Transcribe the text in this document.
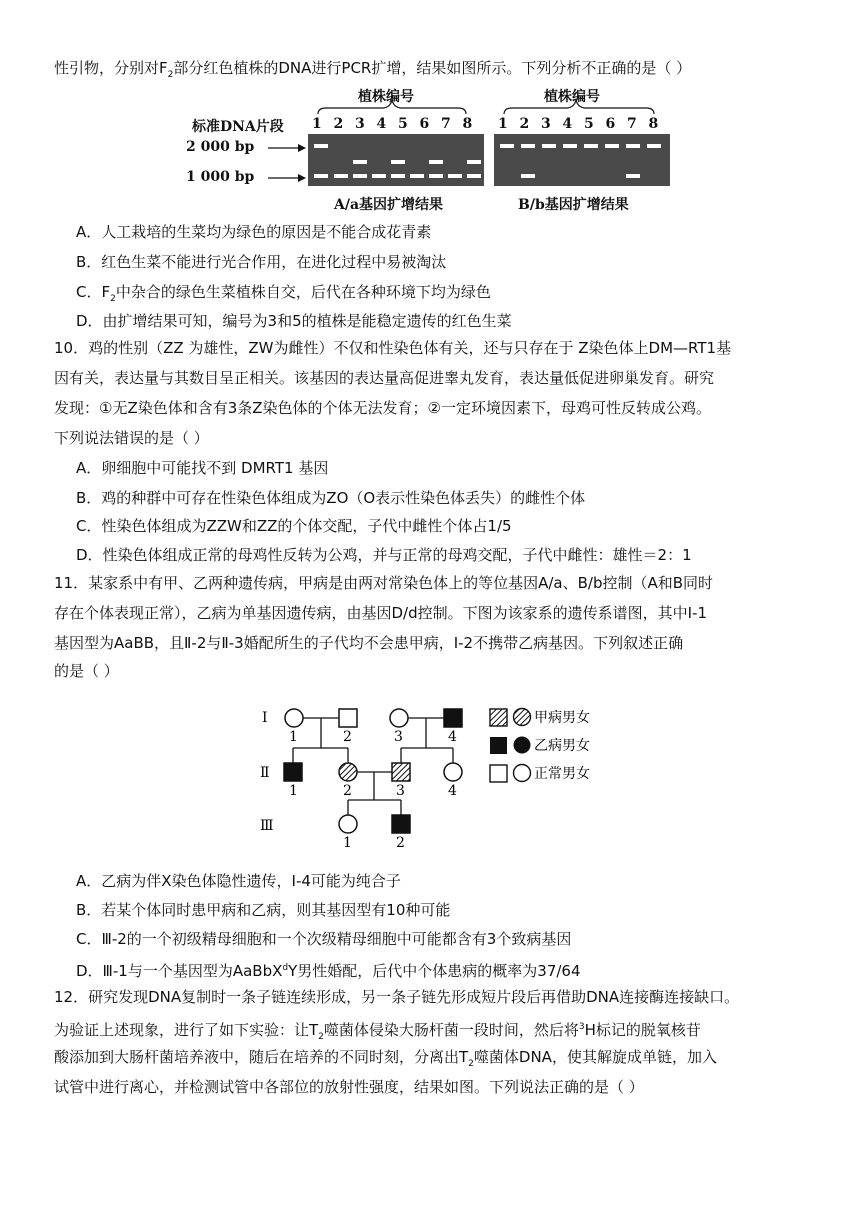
性引物，分别对$F_2$部分红色植株的DNA进行PCR扩增，结果如图所示。下列分析不正确的是（ ）
植株编号	植株编号
标准DNA片段 1 2 3 4 5 6 7 8 1 2 3 4 5 6 7 8
2 000 bp
1 000 bp
A/a基因扩增结果	B/b基因扩增结果
A．人工栽培的生菜均为绿色的原因是不能合成花青素
B．红色生菜不能进行光合作用，在进化过程中易被淘汰
C．$F_2$中杂合的绿色生菜植株自交，后代在各种环境下均为绿色
D．由扩增结果可知，编号为3和5的植株是能稳定遗传的红色生菜
10．鸡的性别（ZZ 为雄性，ZW为雌性）不仅和性染色体有关，还与只存在于 Z染色体上DM—RT1基
因有关，表达量与其数目呈正相关。该基因的表达量高促进睾丸发育，表达量低促进卵巢发育。研究
发现：①无Z染色体和含有3条Z染色体的个体无法发育；②一定环境因素下，母鸡可性反转成公鸡。
下列说法错误的是（ ）
A．卵细胞中可能找不到 DMRT1 基因
B．鸡的种群中可存在性染色体组成为ZO（O表示性染色体丢失）的雌性个体
C．性染色体组成为ZZW和ZZ的个体交配，子代中雌性个体占1/5
D．性染色体组成正常的母鸡性反转为公鸡，并与正常的母鸡交配，子代中雌性：雄性＝2：1
11．某家系中有甲、乙两种遗传病，甲病是由两对常染色体上的等位基因A/a、B/b控制（A和B同时
存在个体表现正常），乙病为单基因遗传病，由基因D/d控制。下图为该家系的遗传系谱图，其中Ⅰ-1
基因型为AaBB，且Ⅱ-2与Ⅱ-3婚配所生的子代均不会患甲病，Ⅰ-2不携带乙病基因。下列叙述正确
的是（ ）
Ⅰ
Ⅱ
Ⅲ
1	2	3	4
1	2	3	4
1	2
甲病男女
乙病男女
正常男女
A．乙病为伴X染色体隐性遗传，Ⅰ-4可能为纯合子
B．若某个体同时患甲病和乙病，则其基因型有10种可能
C．Ⅲ-2的一个初级精母细胞和一个次级精母细胞中可能都含有3个致病基因
D．Ⅲ-1与一个基因型为AaBbX$^d$Y男性婚配，后代中个体患病的概率为37/64
12．研究发现DNA复制时一条子链连续形成，另一条子链先形成短片段后再借助DNA连接酶连接缺口。
为验证上述现象，进行了如下实验：让$T_2$噬菌体侵染大肠杆菌一段时间，然后将$^3$H标记的脱氧核苷
酸添加到大肠杆菌培养液中，随后在培养的不同时刻，分离出$T_2$噬菌体DNA，使其解旋成单链，加入
试管中进行离心，并检测试管中各部位的放射性强度，结果如图。下列说法正确的是（ ）
